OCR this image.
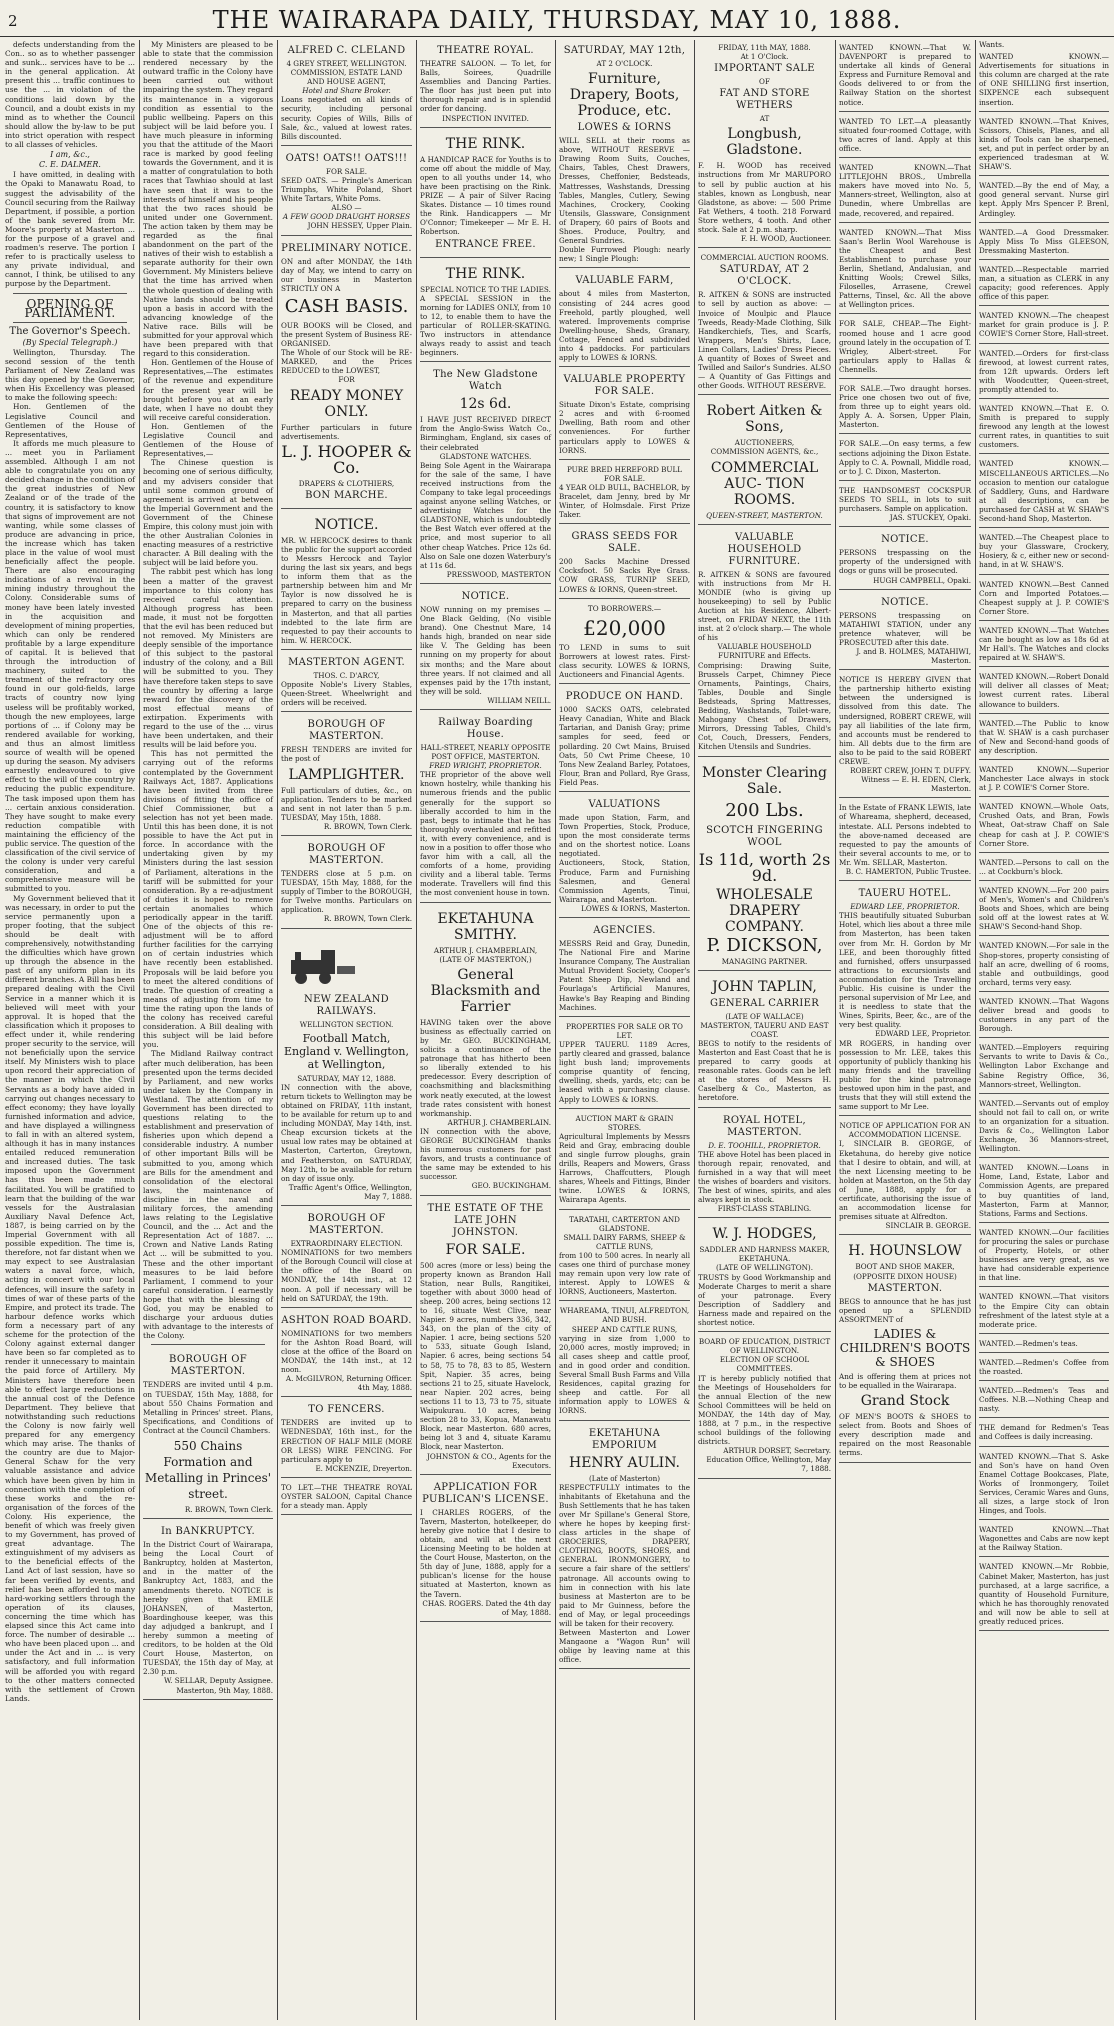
2	THE WAIRARAPA DAILY, THURSDAY, MAY 10, 1888.

defects understanding from the Con.. so as to whether passenger and sunk... services have to be ... in the general application. At present this ... traffic continues to use the ... in violation of the conditions laid down by the Council, and a doubt exists in my mind as to whether the Council should allow the by-law to be put into strict operation with respect to all classes of vehicles.

I am, &c.,
C. E. DALMER.

I have omitted, in dealing with the Opaki to Manawatu Road, to suggest the advisability of the Council securing from the Railway Department, if possible, a portion of the bank severed from Mr. Moore's property at Masterton ... for the purpose of a gravel and roadmen's reserve. The portion I refer to is practically useless to any private individual, and cannot, I think, be utilised to any purpose by the Department.

OPENING OF PARLIAMENT.
The Governor's Speech.
(By Special Telegraph.)

Wellington, Thursday. The second session of the tenth Parliament of New Zealand was this day opened by the Governor, when His Excellency was pleased to make the following speech:

Hon. Gentlemen of the Legislative Council and Gentlemen of the House of Representatives,

It affords me much pleasure to ... meet you in Parliament assembled. Although I am not able to congratulate you on any decided change in the condition of the great industries of New Zealand or of the trade of the country, it is satisfactory to know that signs of improvement are not wanting, while some classes of produce are advancing in price, the increase which has taken place in the value of wool must beneficially affect the people. There are also encouraging indications of a revival in the mining industry throughout the Colony. Considerable sums of money have been lately invested in the acquisition and development of mining properties, which can only be rendered profitable by a large expenditure of capital. It is believed that through the introduction of machinery, suited to the treatment of the refractory ores found in our gold-fields, large tracts of country now lying useless will be profitably worked, though the new employees, large portions of ... if Colony may be rendered available for working, and thus an almost limitless source of wealth will be opened up during the season. My advisers earnestly endeavoured to give effect to the will of the country by reducing the public expenditure. The task imposed upon them has ... certain anxious consideration. They have sought to make every reduction compatible with maintaining the efficiency of the public service. The question of the classification of the civil service of the colony is under very careful consideration, and a comprehensive measure will be submitted to you.

My Government believed that it was necessary, in order to put the service permanently upon a proper footing, that the subject should be dealt with comprehensively, notwithstanding the difficulties which have grown up through the absence in the past of any uniform plan in its different branches. A Bill has been prepared dealing with the Civil Service in a manner which it is believed will meet with your approval. It is hoped that the classification which it proposes to effect under it, while rendering proper security to the service, will not beneficially upon the service itself. My Ministers wish to place upon record their appreciation of the manner in which the Civil Servants as a body have aided in carrying out changes necessary to effect economy; they have loyally furnished information and advice, and have displayed a willingness to fall in with an altered system, although it has in many instances entailed reduced remuneration and increased duties. The task imposed upon the Government has thus been made much facilitated. You will be gratified to learn that the building of the war vessels for the Australasian Auxiliary Naval Defence Act, 1887, is being carried on by the Imperial Government with all possible expedition. The time is, therefore, not far distant when we may expect to see Australasian waters a naval force, which, acting in concert with our local defences, will insure the safety in times of war of these parts of the Empire, and protect its trade. The harbour defence works which form a necessary part of any scheme for the protection of the Colony against external danger have been so far completed as to render it unnecessary to maintain the paid force of Artillery. My Ministers have therefore been able to effect large reductions in the annual cost of the Defence Department. They believe that notwithstanding such reductions the Colony is now fairly well prepared for any emergency which may arise. The thanks of the country are due to Major-General Schaw for the very valuable assistance and advice which have been given by him in connection with the completion of these works and the re-organisation of the forces of the Colony. His experience, the benefit of which was freely given to my Government, has proved of great advantage. The extinguishment of my advisers as to the beneficial effects of the Land Act of last session, have so far been verified by events, and relief has been afforded to many hard-working settlers through the operation of its clauses, concerning the time which has elapsed since this Act came into force. The number of desirable ... who have been placed upon ... and under the Act and in ... is very satisfactory, and full information will be afforded you with regard to the other matters connected with the settlement of Crown Lands.

My Ministers are pleased to be able to state that the commission rendered necessary by the outward traffic in the Colony have been carried out without impairing the system. They regard its maintenance in a vigorous condition as essential to the public wellbeing. Papers on this subject will be laid before you. I have much pleasure in informing you that the attitude of the Maori race is marked by good feeling towards the Government, and it is a matter of congratulation to both races that Tawhiao should at last have seen that it was to the interests of himself and his people that the two races should be united under one Government. The action taken by them may be regarded as the final abandonment on the part of the natives of their wish to establish a separate authority for their own Government. My Ministers believe that the time has arrived when the whole question of dealing with Native lands should be treated upon a basis in accord with the advancing knowledge of the Native race. Bills will be submitted for your approval which have been prepared with that regard to this consideration.

Hon. Gentlemen of the House of Representatives,—The estimates of the revenue and expenditure for the present year will be brought before you at an early date, when I have no doubt they will receive careful consideration.

Hon. Gentlemen of the Legislative Council and Gentlemen of the House of Representatives,—

The Chinese question is becoming one of serious difficulty, and my advisers consider that until some common ground of agreement is arrived at between the Imperial Government and the Government of the Chinese Empire, this colony must join with the other Australian Colonies in enacting measures of a restrictive character. A Bill dealing with the subject will be laid before you.

The rabbit pest which has long been a matter of the gravest importance to this colony has received careful attention. Although progress has been made, it must not be forgotten that the evil has been reduced but not removed. My Ministers are deeply sensible of the importance of this subject to the pastoral industry of the colony, and a Bill will be submitted to you. They have therefore taken steps to save the country by offering a large reward for the discovery of the most effectual means of extirpation. Experiments with regard to the use of the ... virus have been undertaken, and their results will be laid before you.

This has not permitted the carrying out of the reforms contemplated by the Government Railways Act, 1887. Applications have been invited from three divisions of fitting the office of Chief Commissioner, but a selection has not yet been made. Until this has been done, it is not possible to have the Act put in force. In accordance with the undertaking given by my Ministers during the last session of Parliament, alterations in the tariff will be submitted for your consideration. By a re-adjustment of duties it is hoped to remove certain anomalies which periodically appear in the tariff. One of the objects of this re-adjustment will be to afford further facilities for the carrying on of certain industries which have recently been established. Proposals will be laid before you to meet the altered conditions of trade. The question of creating a means of adjusting from time to time the rating upon the lands of the colony has received careful consideration. A Bill dealing with this subject will be laid before you.

The Midland Railway contract after much deliberation, has been presented upon the terms decided by Parliament, and new works under taken by the Company in Westland. The attention of my Government has been directed to questions relating to the establishment and preservation of fisheries upon which depend a considerable industry. A number of other important Bills will be submitted to you, among which are Bills for the amendment and consolidation of the electoral laws, the maintenance of discipline in the naval and military forces, the amending laws relating to the Legislative Council, and the ... Act and the Representation Act of 1887. ... Crown and Native Lands Rating Act ... will be submitted to you. These and the other important measures to be laid before Parliament, I commend to your careful consideration. I earnestly hope that with the blessing of God, you may be enabled to discharge your arduous duties with advantage to the interests of the Colony.

BOROUGH OF MASTERTON.
TENDERS are invited until 4 p.m. on TUESDAY, 15th May, 1888, for about 550 Chains Formation and Metalling in Princes' street. Plans, Specifications, and Conditions of Contract at the Council Chambers.
550 Chains Formation and Metalling in Princes' street.
R. BROWN, Town Clerk.
In BANKRUPTCY.
In the District Court of Wairarapa, being the Local Court of Bankruptcy, holden at Masterton, and in the matter of the Bankruptcy Act, 1883, and the amendments thereto. NOTICE is hereby given that EMILE JOHANSEN, of Masterton, Boardinghouse keeper, was this day adjudged a bankrupt, and I hereby summon a meeting of creditors, to be holden at the Old Court House, Masterton, on TUESDAY, the 15th day of May, at 2.30 p.m.
W. SELLAR, Deputy Assignee. Masterton, 9th May, 1888.
ALFRED C. CLELAND
4 GREY STREET, WELLINGTON.
COMMISSION, ESTATE LAND AND HOUSE AGENT,
Hotel and Share Broker.
Loans negotiated on all kinds of security, including personal security. Copies of Wills, Bills of Sale, &c., valued at lowest rates. Bills discounted.
OATS! OATS!! OATS!!!
FOR SALE.
SEED OATS. — Pringle's American Triumphs, White Poland, Short White Tartars, White Poms.
ALSO —
A FEW GOOD DRAUGHT HORSES
JOHN HESSEY, Upper Plain.
PRELIMINARY NOTICE.
ON and after MONDAY, the 14th day of May, we intend to carry on our business in Masterton STRICTLY ON A
CASH BASIS.
OUR BOOKS will be Closed, and the present System of Business RE-ORGANISED.
The Whole of our Stock will be RE-MARKED, and the Prices REDUCED to the LOWEST,
FOR
READY MONEY ONLY.
Further particulars in future advertisements.
L. J. HOOPER & Co.
DRAPERS & CLOTHIERS,
BON MARCHE.
NOTICE.
MR. W. HERCOCK desires to thank the public for the support accorded to Messrs Hercock and Taylor during the last six years, and begs to inform them that as the partnership between him and Mr Taylor is now dissolved he is prepared to carry on the business in Masterton, and that all parties indebted to the late firm are requested to pay their accounts to him. W. HERCOCK.
MASTERTON AGENT.
THOS. C. D'ARCY,
Opposite Noble's Livery Stables, Queen-Street. Wheelwright and orders will be received.
BOROUGH OF MASTERTON.
FRESH TENDERS are invited for the post of
LAMPLIGHTER.
Full particulars of duties, &c., on application. Tenders to be marked and sent in not later than 5 p.m. TUESDAY, May 15th, 1888.
R. BROWN, Town Clerk.
BOROUGH OF MASTERTON.
TENDERS close at 5 p.m. on TUESDAY, 15th May, 1888, for the supply of Timber to the BOROUGH, for Twelve months. Particulars on application.
R. BROWN, Town Clerk.
NEW ZEALAND RAILWAYS.
WELLINGTON SECTION.
Football Match, England v. Wellington, at Wellington,
SATURDAY, MAY 12, 1888.
IN connection with the above, return tickets to Wellington may be obtained on FRIDAY, 11th instant, to be available for return up to and including MONDAY, May 14th, inst. Cheap excursion tickets at the usual low rates may be obtained at Masterton, Carterton, Greytown, and Featherston, on SATURDAY, May 12th, to be available for return on day of issue only.
Traffic Agent's Office, Wellington, May 7, 1888.
BOROUGH OF MASTERTON.
EXTRAORDINARY ELECTION.
NOMINATIONS for two members of the Borough Council will close at the office of the Board on MONDAY, the 14th inst., at 12 noon. A poll if necessary will be held on SATURDAY, the 19th.
ASHTON ROAD BOARD.
NOMINATIONS for two members for the Ashton Road Board, will close at the office of the Board on MONDAY, the 14th inst., at 12 noon.
A. McGILVRON, Returning Officer. 4th May, 1888.
TO FENCERS.
TENDERS are invited up to WEDNESDAY, 16th inst., for the ERECTION OF HALF MILE (MORE OR LESS) WIRE FENCING. For particulars apply to
E. MCKENZIE, Dreyerton.
TO LET.—THE THEATRE ROYAL OYSTER SALOON, Capital Chance for a steady man. Apply
THEATRE ROYAL.
THEATRE SALOON. — To let, for Balls, Soirees, Quadrille Assemblies and Dancing Parties. The floor has just been put into thorough repair and is in splendid order for dancing.
INSPECTION INVITED.
THE RINK.
A HANDICAP RACE for Youths is to come off about the middle of May, open to all youths under 14, who have been practising on the Rink. PRIZE — A pair of Silver Racing Skates. Distance — 10 times round the Rink. Handicappers — Mr O'Connor; Timekeeper — Mr E. H. Robertson.
ENTRANCE FREE.
THE RINK.
SPECIAL NOTICE TO THE LADIES.
A SPECIAL SESSION in the morning for LADIES ONLY, from 10 to 12, to enable them to have the particular of ROLLER-SKATING. Two instructors in attendance always ready to assist and teach beginners.
The New Gladstone Watch
12s 6d.
I HAVE JUST RECEIVED DIRECT from the Anglo-Swiss Watch Co., Birmingham, England, six cases of their celebrated
GLADSTONE WATCHES.
Being Sole Agent in the Wairarapa for the sale of the same, I have received instructions from the Company to take legal proceedings against anyone selling Watches, or advertising Watches for the GLADSTONE, which is undoubtedly the Best Watch ever offered at the price, and most superior to all other cheap Watches. Price 12s 6d. Also on Sale one dozen Waterbury's at 11s 6d.
PRESSWOOD, MASTERTON
NOTICE.
NOW running on my premises — One Black Gelding, (No visible brand). One Chestnut Mare, 14 hands high, branded on near side like V. The Gelding has been running on my property for about six months; and the Mare about three years. If not claimed and all expenses paid by the 17th instant, they will be sold.
WILLIAM NEILL.
Railway Boarding House.
HALL-STREET, NEARLY OPPOSITE POST OFFICE, MASTERTON.
FRED WRIGHT, PROPRIETOR.
THE proprietor of the above well known hostelry, while thanking his numerous friends and the public generally for the support so liberally accorded to him in the past, begs to intimate that he has thoroughly overhauled and refitted it, with every convenience, and is now in a position to offer those who favor him with a call, all the comforts of a home, providing civility and a liberal table. Terms moderate. Travellers will find this the most convenient house in town.
EKETAHUNA SMITHY.
ARTHUR J. CHAMBERLAIN,
(LATE OF MASTERTON,)
General Blacksmith and Farrier
HAVING taken over the above business as effectually carried on by Mr. GEO. BUCKINGHAM, solicits a continuance of the patronage that has hitherto been so liberally extended to his predecessor. Every description of coachsmithing and blacksmithing work neatly executed, at the lowest trade rates consistent with honest workmanship.
ARTHUR J. CHAMBERLAIN.
IN connection with the above, GEORGE BUCKINGHAM thanks his numerous customers for past favors, and trusts a continuance of the same may be extended to his successor.
GEO. BUCKINGHAM.
THE ESTATE OF THE LATE JOHN JOHNSTON.
FOR SALE.
500 acres (more or less) being the property known as Brandon Hall Station, near Bulls, Rangitikei, together with about 3000 head of sheep. 200 acres, being sections 12 to 16, situate West Clive, near Napier. 9 acres, numbers 336, 342, 343, on the plan of the city of Napier. 1 acre, being sections 520 to 533, situate Gough Island, Napier. 6 acres, being sections 54 to 58, 75 to 78, 83 to 85, Western Spit, Napier. 35 acres, being sections 21 to 25, situate Havelock, near Napier. 202 acres, being sections 11 to 13, 73 to 75, situate Waipukurau. 10 acres, being section 28 to 33, Kopua, Manawatu Block, near Masterton. 680 acres, being lot 3 and 4, situate Karamu Block, near Masterton.
JOHNSTON & CO., Agents for the Executors.
APPLICATION FOR PUBLICAN'S LICENSE.
I CHARLES ROGERS, of the Tavern, Masterton, hotelkeeper, do hereby give notice that I desire to obtain, and will at the next Licensing Meeting to be holden at the Court House, Masterton, on the 5th day of June, 1888, apply for a publican's license for the house situated at Masterton, known as the Tavern.
CHAS. ROGERS. Dated the 4th day of May, 1888.
SATURDAY, MAY 12th,
AT 2 O'CLOCK.
Furniture, Drapery, Boots, Produce, etc.
LOWES & IORNS
WILL SELL at their rooms as above, WITHOUT RESERVE — Drawing Room Suits, Couches, Chairs, Tables, Chest Drawers, Dresses, Cheffonier, Bedsteads, Mattresses, Washstands, Dressing Tables, Mangles, Cutlery, Sewing Machines, Crockery, Cooking Utensils, Glassware, Consignment of Drapery, 60 pairs of Boots and Shoes. Produce, Poultry, and General Sundries.
Double Furrowed Plough: nearly new; 1 Single Plough:
VALUABLE FARM,
about 4 miles from Masterton, consisting of 244 acres good Freehold, partly ploughed, well watered. Improvements comprise Dwelling-house, Sheds, Granary, Cottage, Fenced and subdivided into 4 paddocks. For particulars apply to LOWES & IORNS.
VALUABLE PROPERTY FOR SALE.
Situate Dixon's Estate, comprising 2 acres and with 6-roomed Dwelling, Bath room and other conveniences. For further particulars apply to LOWES & IORNS.
PURE BRED HEREFORD BULL FOR SALE.
4 YEAR OLD BULL, BACHELOR, by Bracelet, dam Jenny, bred by Mr Winter, of Holmsdale. First Prize Taker.
GRASS SEEDS FOR SALE.
200 Sacks Machine Dressed Cocksfoot. 50 Sacks Rye Grass. COW GRASS, TURNIP SEED, LOWES & IORNS, Queen-street.
TO BORROWERS.—
£20,000
TO LEND in sums to suit Borrowers at lowest rates. First-class security. LOWES & IORNS, Auctioneers and Financial Agents.
PRODUCE ON HAND.
1000 SACKS OATS, celebrated Heavy Canadian, White and Black Tartarian, and Danish Gray; prime samples for seed, feed or pollarding. 20 Cwt Mains, Bruised Oats, 50 Cwt Prime Cheese, 10 Tons New Zealand Barley, Potatoes, Flour, Bran and Pollard, Rye Grass, Field Peas.
VALUATIONS
made upon Station, Farm, and Town Properties, Stock, Produce, upon the most considerate terms and on the shortest notice. Loans negotiated.
Auctioneers, Stock, Station, Produce, Farm and Furnishing Salesmen, and General Commission Agents, Tinui, Wairarapa, and Masterton.
LOWES & IORNS, Masterton.
AGENCIES.
MESSRS Reid and Gray, Dunedin, The National Fire and Marine Insurance Company, The Australian Mutual Provident Society, Cooper's Patent Sheep Dip, Newland and Fourlaga's Artificial Manures, Hawke's Bay Reaping and Binding Machines.
PROPERTIES FOR SALE OR TO LET.
UPPER TAUERU. 1189 Acres, partly cleared and grassed, balance light bush land; improvements comprise quantity of fencing, dwelling, sheds, yards, etc; can be leased with a purchasing clause. Apply to LOWES & IORNS.
AUCTION MART & GRAIN STORES.
Agricultural Implements by Messrs Reid and Gray, embracing double and single furrow ploughs, grain drills, Reapers and Mowers, Grass Harrows, Chaffcutters, Plough shares, Wheels and Fittings, Binder twine. LOWES & IORNS, Wairarapa Agents.
TARATAHI, CARTERTON AND GLADSTONE.
SMALL DAIRY FARMS, SHEEP & CATTLE RUNS,
from 100 to 500 acres. In nearly all cases one third of purchase money may remain upon very low rate of interest. Apply to LOWES & IORNS, Auctioneers, Masterton.
WHAREAMA, TINUI, ALFREDTON, AND BUSH.
SHEEP AND CATTLE RUNS,
varying in size from 1,000 to 20,000 acres, mostly improved; in all cases sheep and cattle proof, and in good order and condition. Several Small Bush Farms and Villa Residences, capital grazing for sheep and cattle. For all information apply to LOWES & IORNS.
EKETAHUNA EMPORIUM
HENRY AULIN.
(Late of Masterton)
RESPECTFULLY intimates to the inhabitants of Eketahuna and the Bush Settlements that he has taken over Mr Spillane's General Store, where he hopes by keeping first-class articles in the shape of GROCERIES, DRAPERY, CLOTHING, BOOTS, SHOES, and GENERAL IRONMONGERY, to secure a fair share of the settlers' patronage. All accounts owing to him in connection with his late business at Masterton are to be paid to Mr Guinness, before the end of May, or legal proceedings will be taken for their recovery.
Between Masterton and Lower Mangaone a "Wagon Run" will oblige by leaving name at this office.
FRIDAY, 11th MAY, 1888.
At 1 O'Clock.
IMPORTANT SALE
OF
FAT AND STORE WETHERS
AT
Longbush, Gladstone.
F. H. WOOD has received instructions from Mr MARUPORO to sell by public auction at his stables, known as Longbush, near Gladstone, as above: — 500 Prime Fat Wethers, 4 tooth. 218 Forward Store wethers, 4 tooth. And other stock. Sale at 2 p.m. sharp.
F. H. WOOD, Auctioneer.
COMMERCIAL AUCTION ROOMS.
SATURDAY, AT 2 O'CLOCK.
R. AITKEN & SONS are instructed to sell by auction as above: — Invoice of Moulpic and Plauce Tweeds, Ready-Made Clothing, Silk Handkerchiefs, Ties, and Scarfs, Wrappers, Men's Shirts, Lace, Linen Collars, Ladies' Dress Pieces. A quantity of Boxes of Sweet and Twilled and Sailor's Sundries. ALSO — A Quantity of Gas Fittings and other Goods. WITHOUT RESERVE.
Robert Aitken & Sons,
AUCTIONEERS,
COMMISSION AGENTS, &c.,
COMMERCIAL AUC- TION ROOMS.
QUEEN-STREET, MASTERTON.
VALUABLE HOUSEHOLD FURNITURE.
R. AITKEN & SONS are favoured with instructions from Mr H. MONDIE (who is giving up housekeeping) to sell by Public Auction at his Residence, Albert-street, on FRIDAY NEXT, the 11th inst. at 2 o'clock sharp.— The whole of his
VALUABLE HOUSEHOLD FURNITURE and Effects.
Comprising: Drawing Suite, Brussels Carpet, Chimney Piece Ornaments, Paintings, Chairs, Tables, Double and Single Bedsteads, Spring Mattresses, Bedding, Washstands, Toilet-ware, Mahogany Chest of Drawers, Mirrors, Dressing Tables, Child's Cot, Couch, Dressers, Fenders, Kitchen Utensils and Sundries.
Monster Clearing Sale.
200 Lbs.
SCOTCH FINGERING WOOL
Is 11d, worth 2s 9d.
WHOLESALE DRAPERY COMPANY.
P. DICKSON,
MANAGING PARTNER.
JOHN TAPLIN,
GENERAL CARRIER
(LATE OF WALLACE)
MASTERTON, TAUERU AND EAST COAST.
BEGS to notify to the residents of Masterton and East Coast that he is prepared to carry goods at reasonable rates. Goods can be left at the stores of Messrs H. Caselberg & Co., Masterton, as heretofore.
ROYAL HOTEL, MASTERTON.
D. E. TOOHILL, PROPRIETOR.
THE above Hotel has been placed in thorough repair, renovated, and furnished in a way that will meet the wishes of boarders and visitors. The best of wines, spirits, and ales always kept in stock.
FIRST-CLASS STABLING.
W. J. HODGES,
SADDLER AND HARNESS MAKER,
EKETAHUNA.
(LATE OF WELLINGTON).
TRUSTS by Good Workmanship and Moderate Charges to merit a share of your patronage. Every Description of Saddlery and Harness made and repaired on the shortest notice.
BOARD OF EDUCATION, DISTRICT OF WELLINGTON.
ELECTION OF SCHOOL COMMITTEES.
IT is hereby publicly notified that the Meetings of Householders for the annual Election of the new School Committees will be held on MONDAY, the 14th day of May, 1888, at 7 p.m., in the respective school buildings of the following districts.
ARTHUR DORSET, Secretary. Education Office, Wellington, May 7, 1888.
WANTED KNOWN.—That W. DAVENPORT is prepared to undertake all kinds of General Express and Furniture Removal and Goods delivered to or from the Railway Station on the shortest notice.
WANTED TO LET.—A pleasantly situated four-roomed Cottage, with two acres of land. Apply at this office.
WANTED KNOWN.—That LITTLEJOHN BROS., Umbrella makers have moved into No. 5, Manners-street, Wellington, also at Dunedin, where Umbrellas are made, recovered, and repaired.
WANTED KNOWN.—That Miss Saan's Berlin Wool Warehouse is the Cheapest and Best Establishment to purchase your Berlin, Shetland, Andalusian, and Knitting Wools; Crewel Silks, Filoselles, Arrasene, Crewel Patterns, Tinsel, &c. All the above at Wellington prices.
FOR SALE, CHEAP.—The Eight-roomed house and 1 acre good ground lately in the occupation of T. Wrigley, Albert-street. For particulars apply to Hallas & Chennells.
FOR SALE.—Two draught horses. Price one chosen two out of five, from three up to eight years old. Apply A. A. Sorsen, Upper Plain, Masterton.
FOR SALE.—On easy terms, a few sections adjoining the Dixon Estate. Apply to C. A. Pownall, Middle road, or to J. C. Dixon, Masterton.
THE HANDSOMEST COCKSPUR SEEDS TO SELL, in lots to suit purchasers. Sample on application.
JAS. STUCKEY, Opaki.
NOTICE.
PERSONS trespassing on the property of the undersigned with dogs or guns will be prosecuted.
HUGH CAMPBELL, Opaki.
NOTICE.
PERSONS trespassing on MATAHIWI STATION, under any pretence whatever, will be PROSECUTED after this date.
J. and B. HOLMES, MATAHIWI, Masterton.
NOTICE IS HEREBY GIVEN that the partnership hitherto existing between the undersigned is dissolved from this date. The undersigned, ROBERT CREWE, will pay all liabilities of the late firm, and accounts must be rendered to him. All debts due to the firm are also to be paid to the said ROBERT CREWE.
ROBERT CREW, JOHN T. DUFFY. Witness — E. H. EDEN, Clerk, Masterton.
In the Estate of FRANK LEWIS, late of Whareama, shepherd, deceased, intestate. ALL Persons indebted to the above-named deceased are requested to pay the amounts of their several accounts to me, or to Mr. Wm. SELLAR, Masterton.
B. C. HAMERTON, Public Trustee.
TAUERU HOTEL.
EDWARD LEE, PROPRIETOR.
THIS beautifully situated Suburban Hotel, which lies about a three mile from Masterton, has been taken over from Mr. H. Gordon by Mr LEE, and been thoroughly fitted and furnished, offers unsurpassed attractions to excursionists and accommodation for the Travelling Public. His cuisine is under the personal supervision of Mr Lee, and it is needless to state that the Wines, Spirits, Beer, &c., are of the very best quality.
EDWARD LEE, Proprietor.
MR ROGERS, in handing over possession to Mr. LEE, takes this opportunity of publicly thanking his many friends and the travelling public for the kind patronage bestowed upon him in the past, and trusts that they will still extend the same support to Mr Lee.
NOTICE OF APPLICATION FOR AN ACCOMMODATION LICENSE.
I, SINCLAIR B. GEORGE, of Eketahuna, do hereby give notice that I desire to obtain, and will, at the next Licensing meeting to be holden at Masterton, on the 5th day of June, 1888, apply for a certificate, authorising the issue of an accommodation license for premises situate at Alfredton.
SINCLAIR B. GEORGE.
H. HOUNSLOW
BOOT AND SHOE MAKER,
(OPPOSITE DIXON HOUSE)
MASTERTON.
BEGS to announce that he has just opened up a SPLENDID ASSORTMENT of
LADIES & CHILDREN'S BOOTS & SHOES
And is offering them at prices not to be equalled in the Wairarapa.
Grand Stock
OF MEN'S BOOTS & SHOES to select from. Boots and Shoes of every description made and repaired on the most Reasonable terms.
Wants.
WANTED KNOWN.—Advertisements for situations in this column are charged at the rate of ONE SHILLING first insertion, SIXPENCE each subsequent insertion.
WANTED KNOWN.—That Knives, Scissors, Chisels, Planes, and all kinds of Tools can be sharpened, set, and put in perfect order by an experienced tradesman at W. SHAW'S.
WANTED.—By the end of May, a good general servant. Nurse girl kept. Apply Mrs Spencer P. Brenl, Ardingley.
WANTED.—A Good Dressmaker. Apply Miss To Miss GLEESON, Dressmaking Masterton.
WANTED.—Respectable married man, a situation as CLERK in any capacity; good references. Apply office of this paper.
WANTED KNOWN.—The cheapest market for grain produce is J. P. COWIE'S Corner Store, Hall-street.
WANTED.—Orders for first-class firewood, at lowest current rates, from 12ft upwards. Orders left with Woodcutter, Queen-street, promptly attended to.
WANTED KNOWN.—That E. O. Smith is prepared to supply firewood any length at the lowest current rates, in quantities to suit customers.
WANTED KNOWN.—MISCELLANEOUS ARTICLES.—No occasion to mention our catalogue of Saddlery, Guns, and Hardware at all descriptions, can be purchased for CASH at W. SHAW'S Second-hand Shop, Masterton.
WANTED.—The Cheapest place to buy your Glassware, Crockery, Hosiery, & c, either new or second-hand, in at W. SHAW'S.
WANTED KNOWN.—Best Canned Corn and Imported Potatoes.—Cheapest supply at J. P. COWIE'S Corner Store.
WANTED KNOWN.—That Watches can be bought as low as 18s 6d at Mr Hall's. The Watches and clocks repaired at W. SHAW'S.
WANTED KNOWN.—Robert Donald will deliver all classes of Meat; lowest current rates. Liberal allowance to builders.
WANTED.—The Public to know that W. SHAW is a cash purchaser of New and Second-hand goods of any description.
WANTED KNOWN.—Superior Manchester Lace always in stock at J. P. COWIE'S Corner Store.
WANTED KNOWN.—Whole Oats, Crushed Oats, and Bran, Fowls Wheat, Oat-straw Chaff on Sale cheap for cash at J. P. COWIE'S Corner Store.
WANTED.—Persons to call on the ... at Cockburn's block.
WANTED KNOWN.—For 200 pairs of Men's, Women's and Children's Boots and Shoes, which are being sold off at the lowest rates at W. SHAW'S Second-hand Shop.
WANTED KNOWN.—For sale in the Shop-stores, property consisting of half an acre, dwelling of 6 rooms, stable and outbuildings, good orchard, terms very easy.
WANTED KNOWN.—That Wagons deliver bread and goods to customers in any part of the Borough.
WANTED.—Employers requiring Servants to write to Davis & Co., Wellington Labor Exchange and Sabine Registry Office, 36, Mannors-street, Wellington.
WANTED.—Servants out of employ should not fail to call on, or write to an organization for a situation. Davis & Co., Wellington Labor Exchange, 36 Mannors-street, Wellington.
WANTED KNOWN.—Loans in Home, Land, Estate, Labor and Commission Agents, are prepared to buy quantities of land, Masterton, Farm at Mannor, Stations, Farms and Sections.
WANTED KNOWN.—Our facilities for procuring the sales or purchase of Property, Hotels, or other businesses are very great, as we have had considerable experience in that line.
WANTED KNOWN.—That visitors to the Empire City can obtain refreshment of the latest style at a moderate price.
WANTED.—Redmen's teas.
WANTED.—Redmen's Coffee from the roasted.
WANTED.—Redmen's Teas and Coffees. N.B.—Nothing Cheap and nasty.
THE demand for Redmen's Teas and Coffees is daily increasing.
WANTED KNOWN.—That S. Aske and Son's have on hand Oven Enamel Cottage Bookcases, Plate, Works of Ironmongery, Toilet Services, Ceramic Wares and Guns, all sizes, a large stock of Iron Hinges, and Tools.
WANTED KNOWN.—That Wagonettes and Cabs are now kept at the Railway Station.
WANTED KNOWN.—Mr Robbie, Cabinet Maker, Masterton, has just purchased, at a large sacrifice, a quantity of Household Furniture, which he has thoroughly renovated and will now be able to sell at greatly reduced prices.
